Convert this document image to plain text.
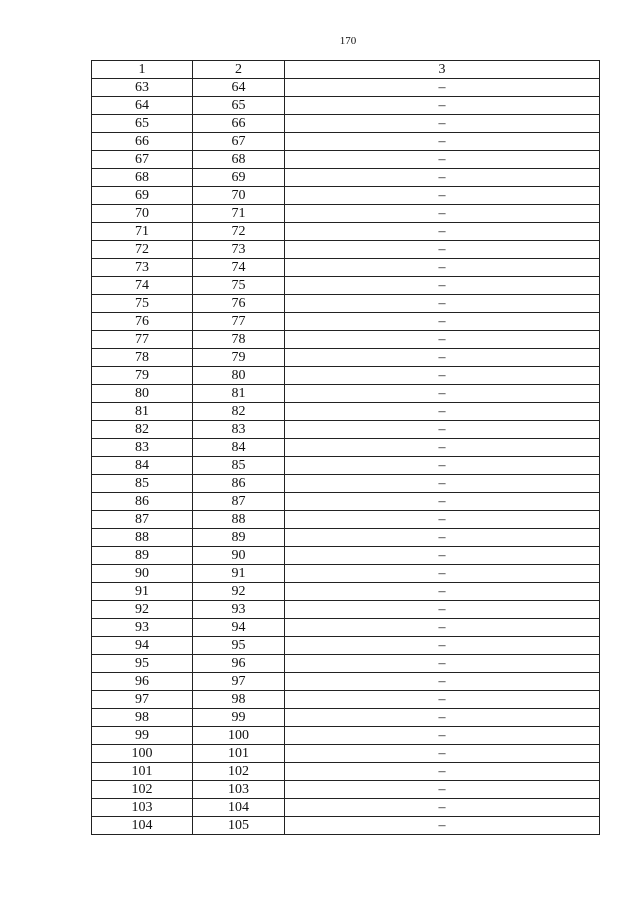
170
1	2	3
63	64	–
64	65	–
65	66	–
66	67	–
67	68	–
68	69	–
69	70	–
70	71	–
71	72	–
72	73	–
73	74	–
74	75	–
75	76	–
76	77	–
77	78	–
78	79	–
79	80	–
80	81	–
81	82	–
82	83	–
83	84	–
84	85	–
85	86	–
86	87	–
87	88	–
88	89	–
89	90	–
90	91	–
91	92	–
92	93	–
93	94	–
94	95	–
95	96	–
96	97	–
97	98	–
98	99	–
99	100	–
100	101	–
101	102	–
102	103	–
103	104	–
104	105	–
